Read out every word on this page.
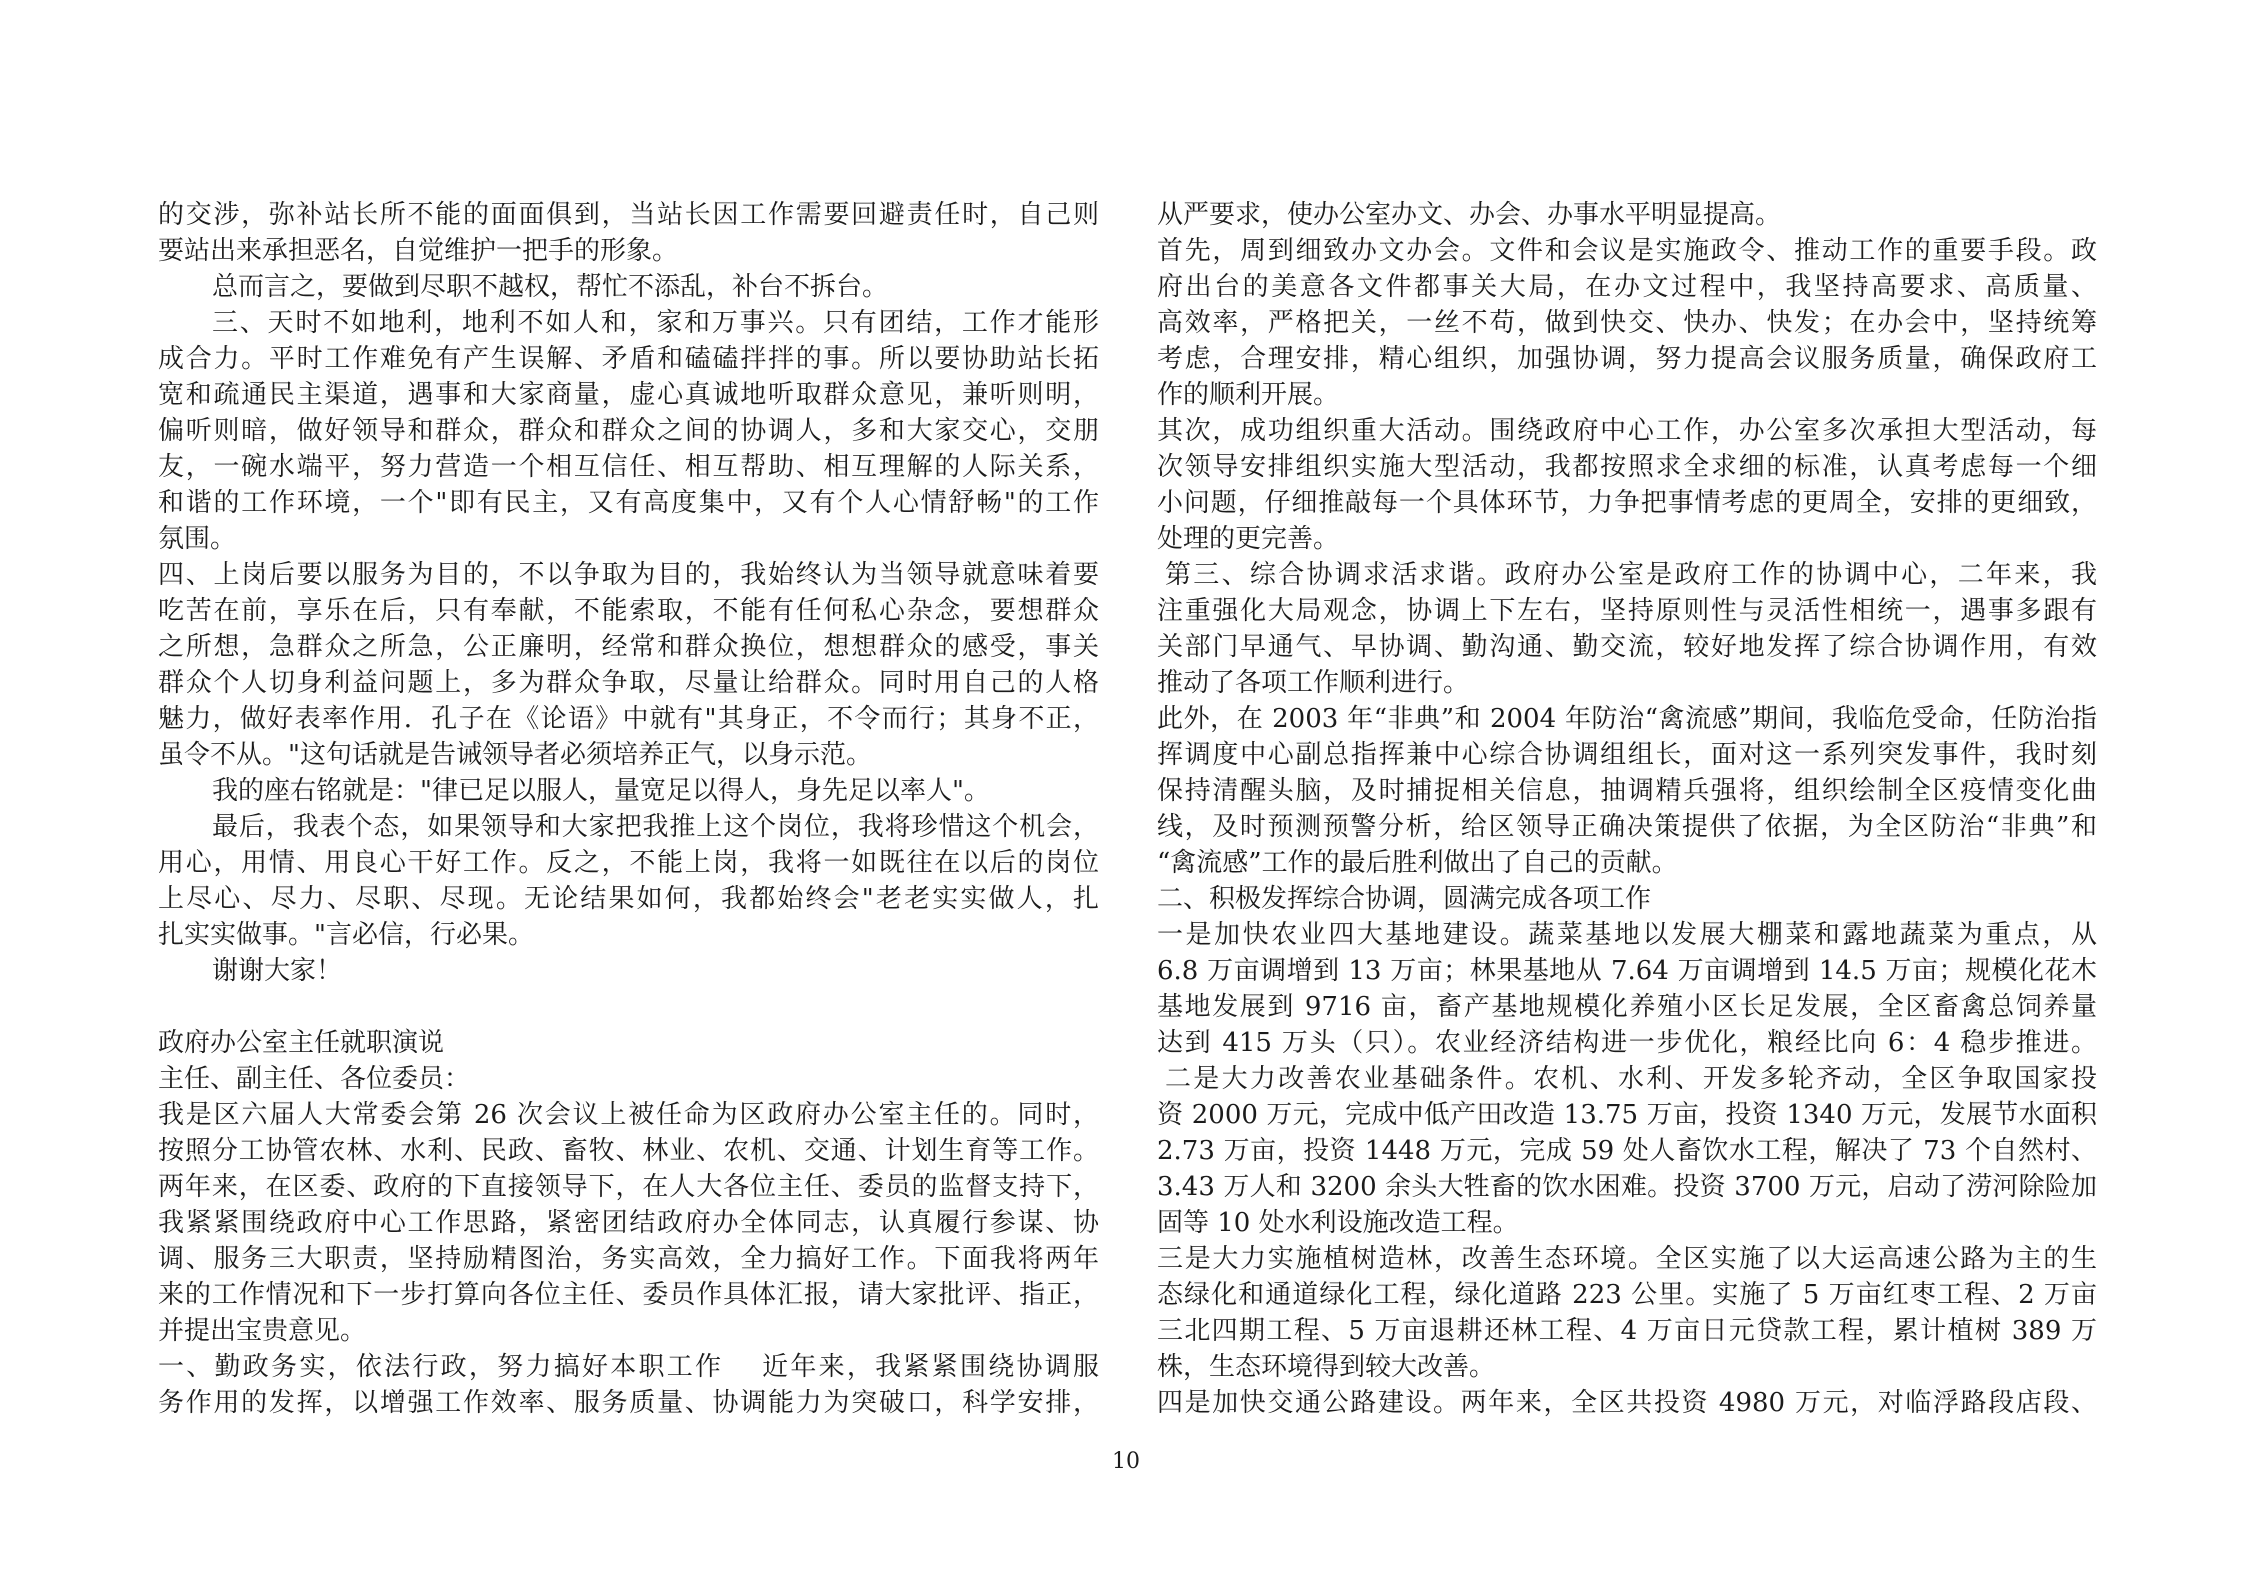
的交涉，弥补站长所不能的面面俱到，当站长因工作需要回避责任时，自己则
要站出来承担恶名，自觉维护一把手的形象。
总而言之，要做到尽职不越权，帮忙不添乱，补台不拆台。
三、天时不如地利，地利不如人和，家和万事兴。只有团结，工作才能形
成合力。平时工作难免有产生误解、矛盾和磕磕拌拌的事。所以要协助站长拓
宽和疏通民主渠道，遇事和大家商量，虚心真诚地听取群众意见，兼听则明，
偏听则暗，做好领导和群众，群众和群众之间的协调人，多和大家交心，交朋
友，一碗水端平，努力营造一个相互信任、相互帮助、相互理解的人际关系，
和谐的工作环境，一个"即有民主，又有高度集中，又有个人心情舒畅"的工作
氛围。
四、上岗后要以服务为目的，不以争取为目的，我始终认为当领导就意味着要
吃苦在前，享乐在后，只有奉献，不能索取，不能有任何私心杂念，要想群众
之所想，急群众之所急，公正廉明，经常和群众换位，想想群众的感受，事关
群众个人切身利益问题上，多为群众争取，尽量让给群众。同时用自己的人格
魅力，做好表率作用．孔子在《论语》中就有"其身正，不令而行；其身不正，
虽令不从。"这句话就是告诫领导者必须培养正气，以身示范。
我的座右铭就是："律已足以服人，量宽足以得人，身先足以率人"。
最后，我表个态，如果领导和大家把我推上这个岗位，我将珍惜这个机会，
用心，用情、用良心干好工作。反之，不能上岗，我将一如既往在以后的岗位
上尽心、尽力、尽职、尽现。无论结果如何，我都始终会"老老实实做人，扎
扎实实做事。"言必信，行必果。
谢谢大家！
政府办公室主任就职演说
主任、副主任、各位委员：
我是区六届人大常委会第 26 次会议上被任命为区政府办公室主任的。同时，
按照分工协管农林、水利、民政、畜牧、林业、农机、交通、计划生育等工作。
两年来，在区委、政府的下直接领导下，在人大各位主任、委员的监督支持下，
我紧紧围绕政府中心工作思路，紧密团结政府办全体同志，认真履行参谋、协
调、服务三大职责，坚持励精图治，务实高效，全力搞好工作。下面我将两年
来的工作情况和下一步打算向各位主任、委员作具体汇报，请大家批评、指正，
并提出宝贵意见。
一、勤政务实，依法行政，努力搞好本职工作　 近年来，我紧紧围绕协调服
务作用的发挥，以增强工作效率、服务质量、协调能力为突破口，科学安排，
从严要求，使办公室办文、办会、办事水平明显提高。
首先，周到细致办文办会。文件和会议是实施政令、推动工作的重要手段。政
府出台的美意各文件都事关大局，在办文过程中，我坚持高要求、高质量、
高效率，严格把关，一丝不苟，做到快交、快办、快发；在办会中，坚持统筹
考虑，合理安排，精心组织，加强协调，努力提高会议服务质量，确保政府工
作的顺利开展。
其次，成功组织重大活动。围绕政府中心工作，办公室多次承担大型活动，每
次领导安排组织实施大型活动，我都按照求全求细的标准，认真考虑每一个细
小问题，仔细推敲每一个具体环节，力争把事情考虑的更周全，安排的更细致，
处理的更完善。
第三、综合协调求活求谐。政府办公室是政府工作的协调中心，二年来，我
注重强化大局观念，协调上下左右，坚持原则性与灵活性相统一，遇事多跟有
关部门早通气、早协调、勤沟通、勤交流，较好地发挥了综合协调作用，有效
推动了各项工作顺利进行。
此外，在 2003 年“非典”和 2004 年防治“禽流感”期间，我临危受命，任防治指
挥调度中心副总指挥兼中心综合协调组组长，面对这一系列突发事件，我时刻
保持清醒头脑，及时捕捉相关信息，抽调精兵强将，组织绘制全区疫情变化曲
线，及时预测预警分析，给区领导正确决策提供了依据，为全区防治“非典”和
“禽流感”工作的最后胜利做出了自己的贡献。
二、积极发挥综合协调，圆满完成各项工作
一是加快农业四大基地建设。蔬菜基地以发展大棚菜和露地蔬菜为重点，从
6.8 万亩调增到 13 万亩；林果基地从 7.64 万亩调增到 14.5 万亩；规模化花木
基地发展到 9716 亩，畜产基地规模化养殖小区长足发展，全区畜禽总饲养量
达到 415 万头（只）。农业经济结构进一步优化，粮经比向 6：4 稳步推进。
二是大力改善农业基础条件。农机、水利、开发多轮齐动，全区争取国家投
资 2000 万元，完成中低产田改造 13.75 万亩，投资 1340 万元，发展节水面积
2.73 万亩，投资 1448 万元，完成 59 处人畜饮水工程，解决了 73 个自然村、
3.43 万人和 3200 余头大牲畜的饮水困难。投资 3700 万元，启动了涝河除险加
固等 10 处水利设施改造工程。
三是大力实施植树造林，改善生态环境。全区实施了以大运高速公路为主的生
态绿化和通道绿化工程，绿化道路 223 公里。实施了 5 万亩红枣工程、2 万亩
三北四期工程、5 万亩退耕还林工程、4 万亩日元贷款工程，累计植树 389 万
株，生态环境得到较大改善。
四是加快交通公路建设。两年来，全区共投资 4980 万元，对临浮路段店段、
10
